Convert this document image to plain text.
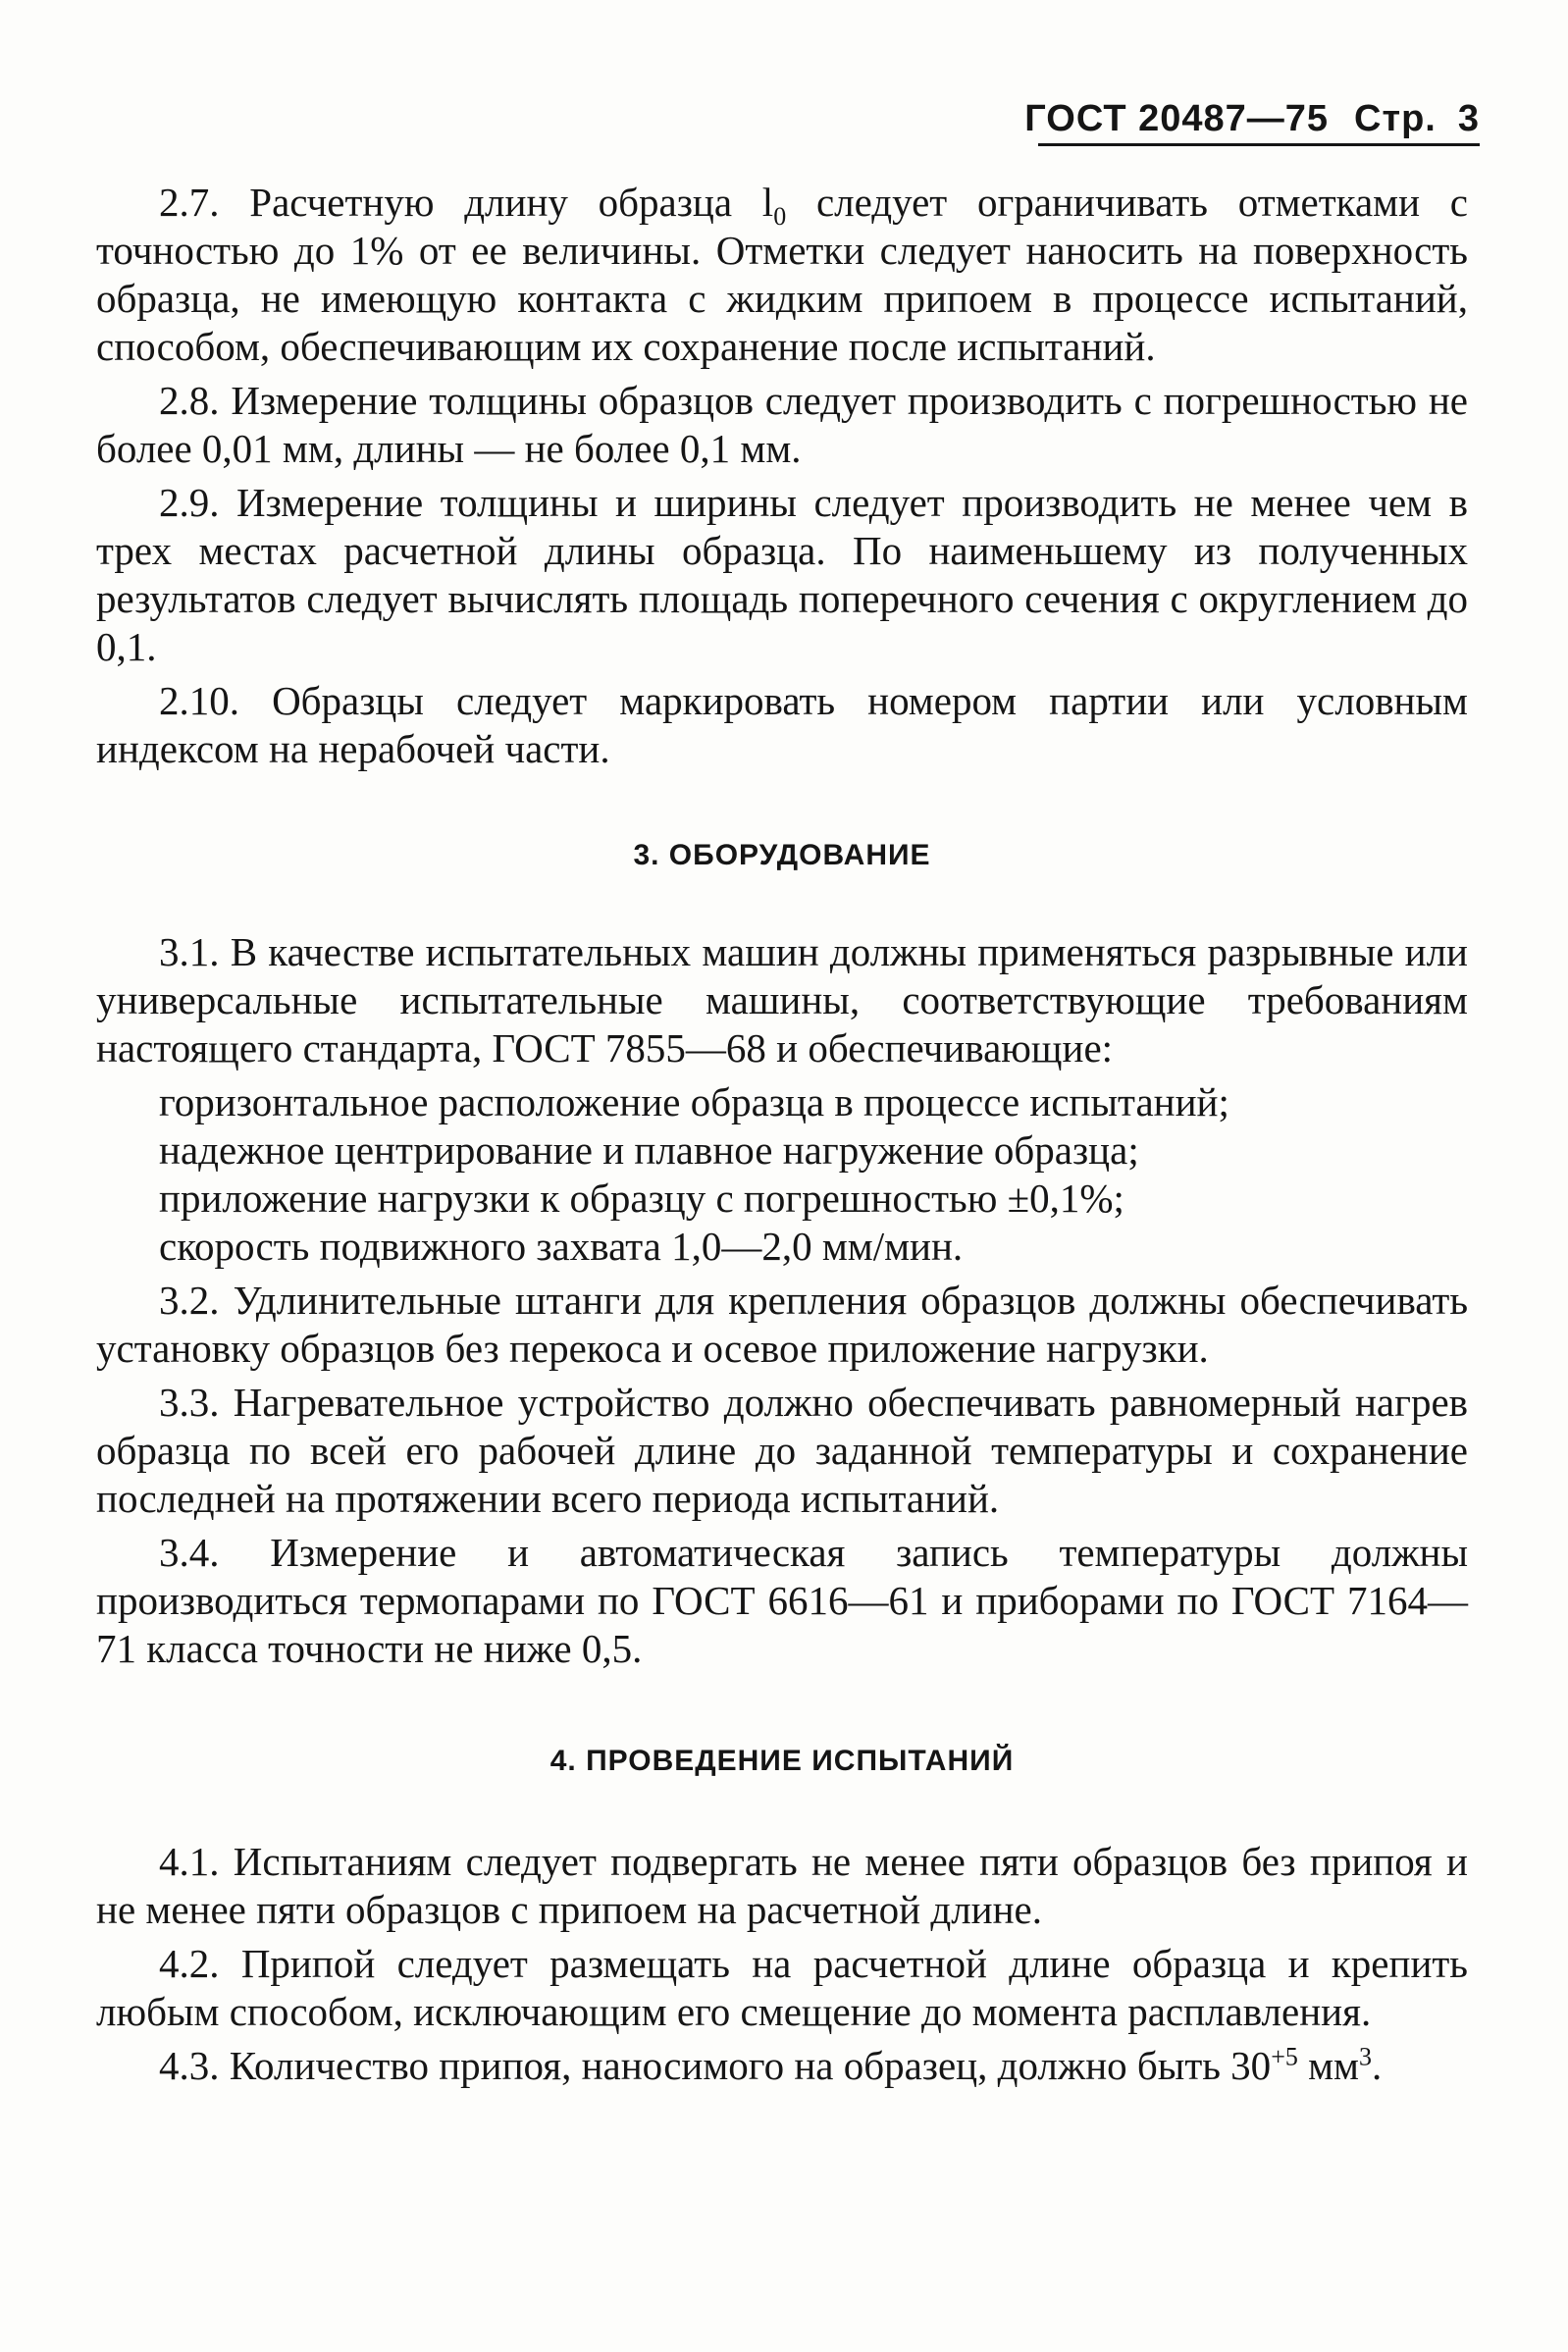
ГОСТ 20487—75 Стр. 3

2.7. Расчетную длину образца $l_0$ следует ограничивать отметками с точностью до 1% от ее величины. Отметки следует наносить на поверхность образца, не имеющую контакта с жидким припоем в процессе испытаний, способом, обеспечивающим их сохранение после испытаний.

2.8. Измерение толщины образцов следует производить с погрешностью не более 0,01 мм, длины — не более 0,1 мм.

2.9. Измерение толщины и ширины следует производить не менее чем в трех местах расчетной длины образца. По наименьшему из полученных результатов следует вычислять площадь поперечного сечения с округлением до 0,1.

2.10. Образцы следует маркировать номером партии или условным индексом на нерабочей части.

3. ОБОРУДОВАНИЕ

3.1. В качестве испытательных машин должны применяться разрывные или универсальные испытательные машины, соответствующие требованиям настоящего стандарта, ГОСТ 7855—68 и обеспечивающие:

горизонтальное расположение образца в процессе испытаний;

надежное центрирование и плавное нагружение образца;

приложение нагрузки к образцу с погрешностью ±0,1%;

скорость подвижного захвата 1,0—2,0 мм/мин.

3.2. Удлинительные штанги для крепления образцов должны обеспечивать установку образцов без перекоса и осевое приложение нагрузки.

3.3. Нагревательное устройство должно обеспечивать равномерный нагрев образца по всей его рабочей длине до заданной температуры и сохранение последней на протяжении всего периода испытаний.

3.4. Измерение и автоматическая запись температуры должны производиться термопарами по ГОСТ 6616—61 и приборами по ГОСТ 7164—71 класса точности не ниже 0,5.

4. ПРОВЕДЕНИЕ ИСПЫТАНИЙ

4.1. Испытаниям следует подвергать не менее пяти образцов без припоя и не менее пяти образцов с припоем на расчетной длине.

4.2. Припой следует размещать на расчетной длине образца и крепить любым способом, исключающим его смещение до момента расплавления.

4.3. Количество припоя, наносимого на образец, должно быть $30^{+5}$ $мм^3$.
